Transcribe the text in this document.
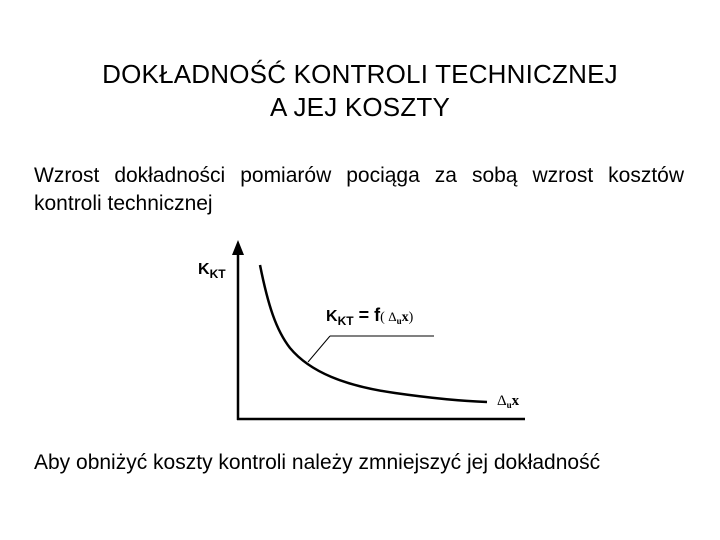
DOKŁADNOŚĆ KONTROLI TECHNICZNEJ
A JEJ KOSZTY
Wzrost dokładności pomiarów pociąga za sobą wzrost kosztów kontroli technicznej
$K_{KT}$
$K_{KT} = f$( Δux)
$\Delta_ux$
Aby obniżyć koszty kontroli należy zmniejszyć jej dokładność
